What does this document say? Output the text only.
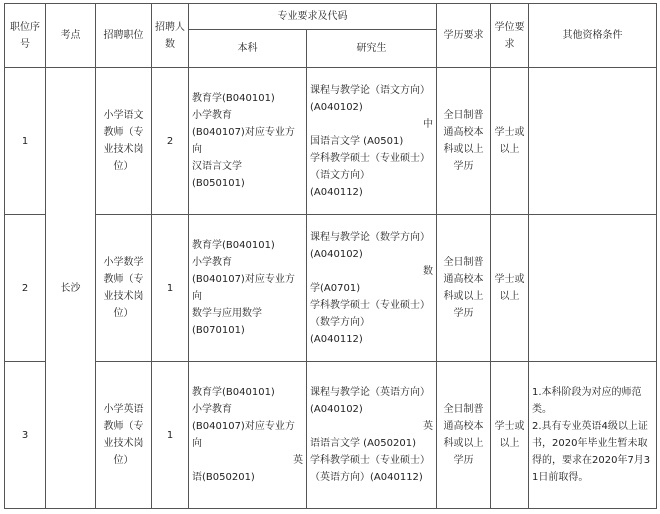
职位序号	考点	招聘职位	招聘人数	专业要求及代码		学历要求	学位要求	其他资格条件
				本科	研究生			
1	长沙	小学语文教师（专业技术岗位）	2	教育学(B040101)
小学教育
(B040107)对应专业方向
汉语言文学
(B050101)	课程与教学论（语文方向）(A040102)
中
国语言文学 (A0501)
学科教学硕士（专业硕士）（语文方向）
(A040112)	全日制普通高校本科或以上学历	学士或以上	
2		小学数学教师（专业技术岗位）	1	教育学(B040101)
小学教育
(B040107)对应专业方向
数学与应用数学
(B070101)	课程与教学论（数学方向）(A040102)
数
学(A0701)
学科教学硕士（专业硕士）（数学方向）
(A040112)	全日制普通高校本科或以上学历	学士或以上	
3		小学英语教师（专业技术岗位）	1	教育学(B040101)
小学教育
(B040107)对应专业方向
英
语(B050201)	课程与教学论（英语方向）(A040102)
英
语语言文学 (A050201)
学科教学硕士（专业硕士）（英语方向）(A040112)	全日制普通高校本科或以上学历	学士或以上	1.本科阶段为对应的师范类。
2.具有专业英语4级以上证书，2020年毕业生暂未取得的，要求在2020年7月31日前取得。
